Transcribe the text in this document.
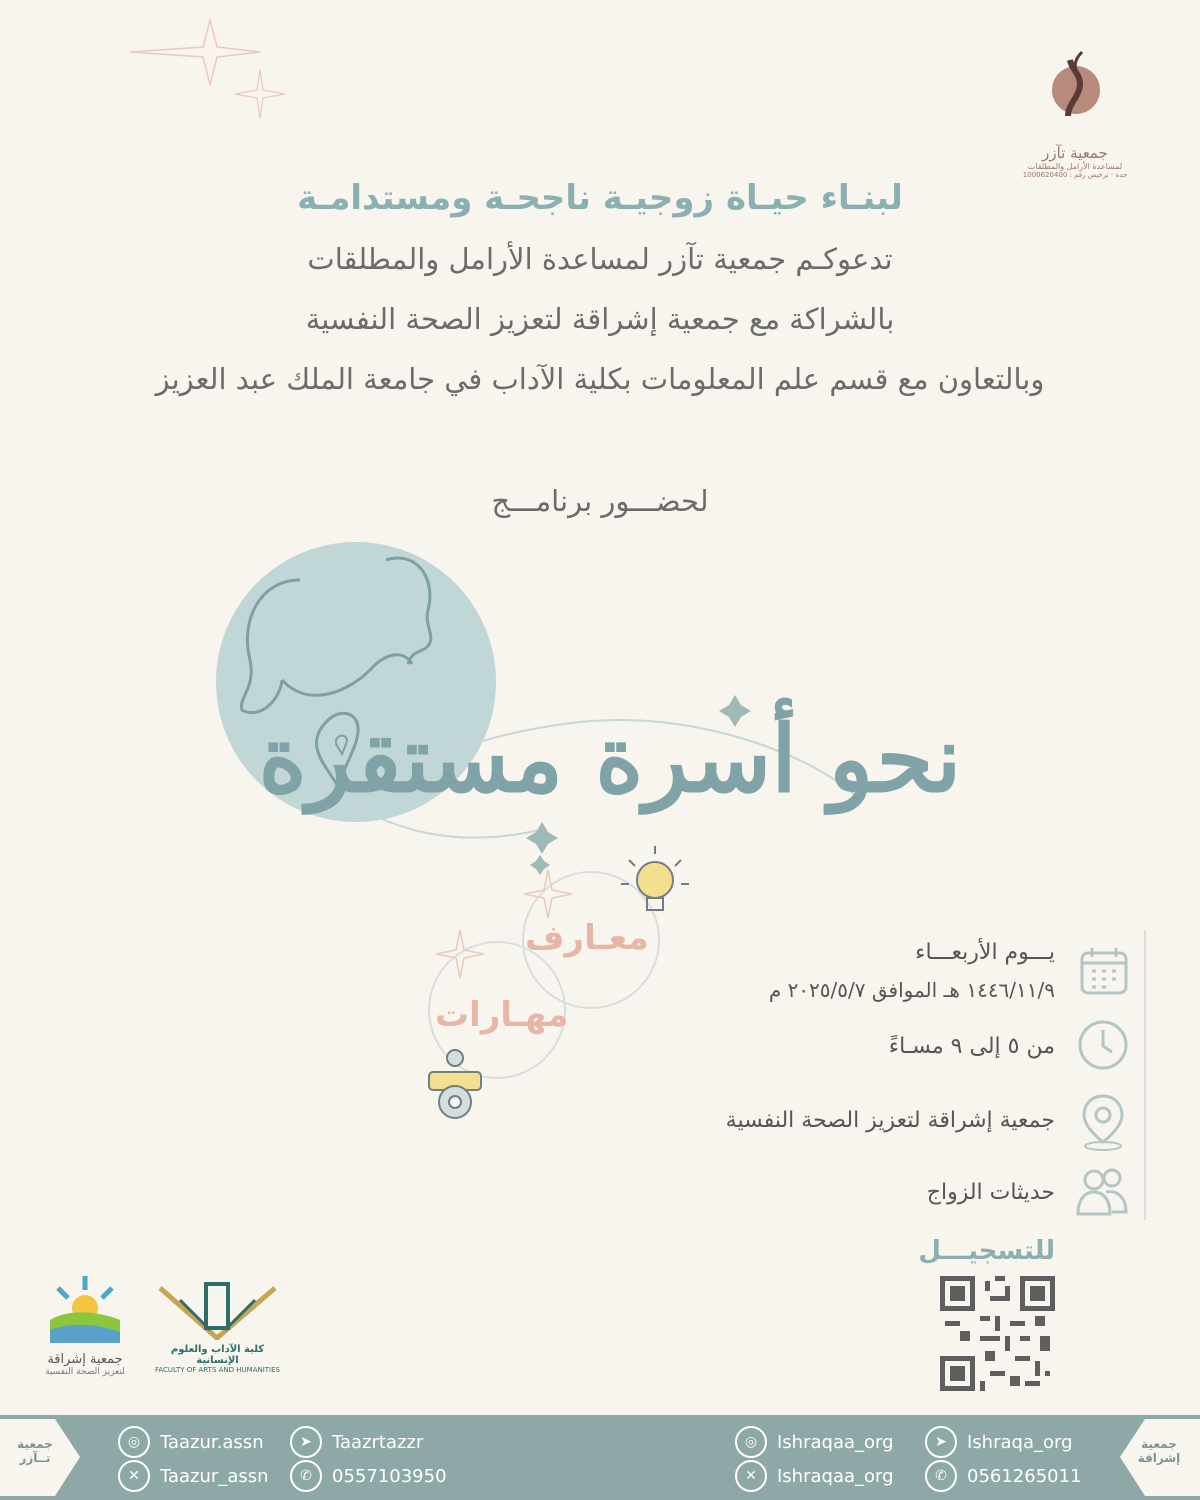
جمعية تآزر
لمساعدة الأرامل والمطلقات
جدة - ترخيص رقم : 1000620400
لبنـاء حيـاة زوجيـة ناجحـة ومستدامـة
تدعوكـم جمعية تآزر لمساعدة الأرامل والمطلقات
بالشراكة مع جمعية إشراقة لتعزيز الصحة النفسية
وبالتعاون مع قسم علم المعلومات بكلية الآداب في جامعة الملك عبد العزيز
لحضـــور برنامـــج
نحو أسرة مستقرة
معـارف
مهـارات
يـــوم الأربعـــاء
١٤٤٦/١١/٩ هـ الموافق ٢٠٢٥/٥/٧ م
من ٥ إلى ٩ مسـاءً
جمعية إشراقة لتعزيز الصحة النفسية
حديثات الزواج
للتسجيـــل
جمعية إشراقة
لتعزيز الصحة النفسية
كلية الآداب والعلوم الإنسانية
FACULTY OF ARTS AND HUMANITIES
جمعية
تــآزر
جمعية
إشراقة
◎	Taazur.assn	➤	Taazrtazzr
✕	Taazur_assn	✆	0557103950
◎	Ishraqaa_org	➤	Ishraqa_org
✕	Ishraqaa_org	✆	0561265011
